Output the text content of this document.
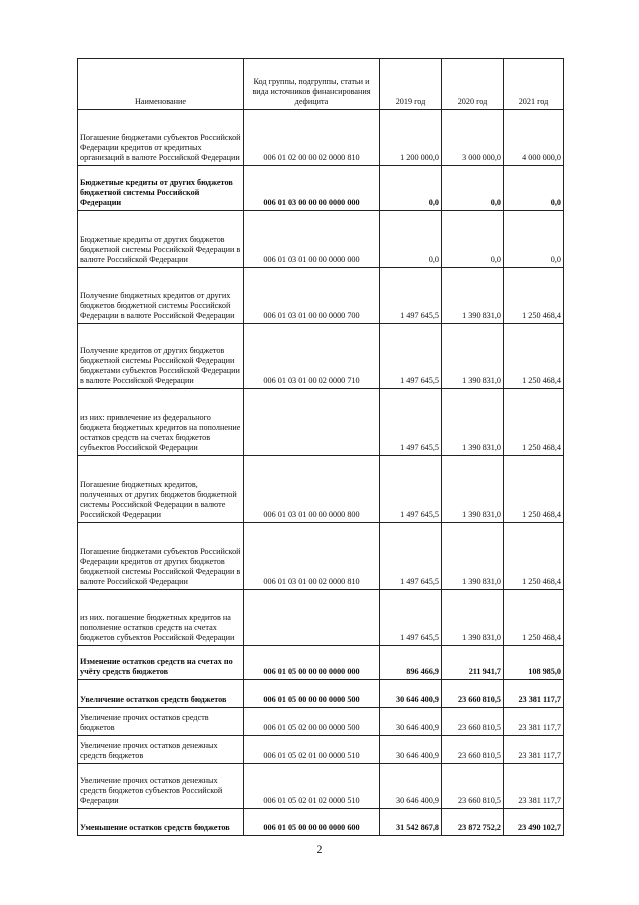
Наименование	Код группы, подгруппы, статьи и вида источников финансирования дефицита	2019 год	2020 год	2021 год
Погашение бюджетами субъектов Российской Федерации кредитов от кредитных организаций в валюте Российской Федерации	006 01 02 00 00 02 0000 810	1 200 000,0	3 000 000,0	4 000 000,0
Бюджетные кредиты от других бюджетов бюджетной системы Российской Федерации	006 01 03 00 00 00 0000 000	0,0	0,0	0,0
Бюджетные кредиты от других бюджетов бюджетной системы Российской Федерации в валюте Российской Федерации	006 01 03 01 00 00 0000 000	0,0	0,0	0,0
Получение бюджетных кредитов от других бюджетов бюджетной системы Российской Федерации в валюте Российской Федерации	006 01 03 01 00 00 0000 700	1 497 645,5	1 390 831,0	1 250 468,4
Получение кредитов от других бюджетов бюджетной системы Российской Федерации бюджетами субъектов Российской Федерации в валюте Российской Федерации	006 01 03 01 00 02 0000 710	1 497 645,5	1 390 831,0	1 250 468,4
из них: привлечение из федерального бюджета бюджетных кредитов на пополнение остатков средств на счетах бюджетов субъектов Российской Федерации		1 497 645,5	1 390 831,0	1 250 468,4
Погашение бюджетных кредитов, полученных от других бюджетов бюджетной системы Российской Федерации в валюте Российской Федерации	006 01 03 01 00 00 0000 800	1 497 645,5	1 390 831,0	1 250 468,4
Погашение бюджетами субъектов Российской Федерации кредитов от других бюджетов бюджетной системы Российской Федерации в валюте Российской Федерации	006 01 03 01 00 02 0000 810	1 497 645,5	1 390 831,0	1 250 468,4
из них. погашение бюджетных кредитов на пополнение остатков средств на счетах бюджетов субъектов Российской Федерации		1 497 645,5	1 390 831,0	1 250 468,4
Изменение остатков средств на счетах по учёту средств бюджетов	006 01 05 00 00 00 0000 000	896 466,9	211 941,7	108 985,0
Увеличение остатков средств бюджетов	006 01 05 00 00 00 0000 500	30 646 400,9	23 660 810,5	23 381 117,7
Увеличение прочих остатков средств бюджетов	006 01 05 02 00 00 0000 500	30 646 400,9	23 660 810,5	23 381 117,7
Увеличение прочих остатков денежных средств бюджетов	006 01 05 02 01 00 0000 510	30 646 400,9	23 660 810,5	23 381 117,7
Увеличение прочих остатков денежных средств бюджетов субъектов Российской Федерации	006 01 05 02 01 02 0000 510	30 646 400,9	23 660 810,5	23 381 117,7
Уменьшение остатков средств бюджетов	006 01 05 00 00 00 0000 600	31 542 867,8	23 872 752,2	23 490 102,7
2
